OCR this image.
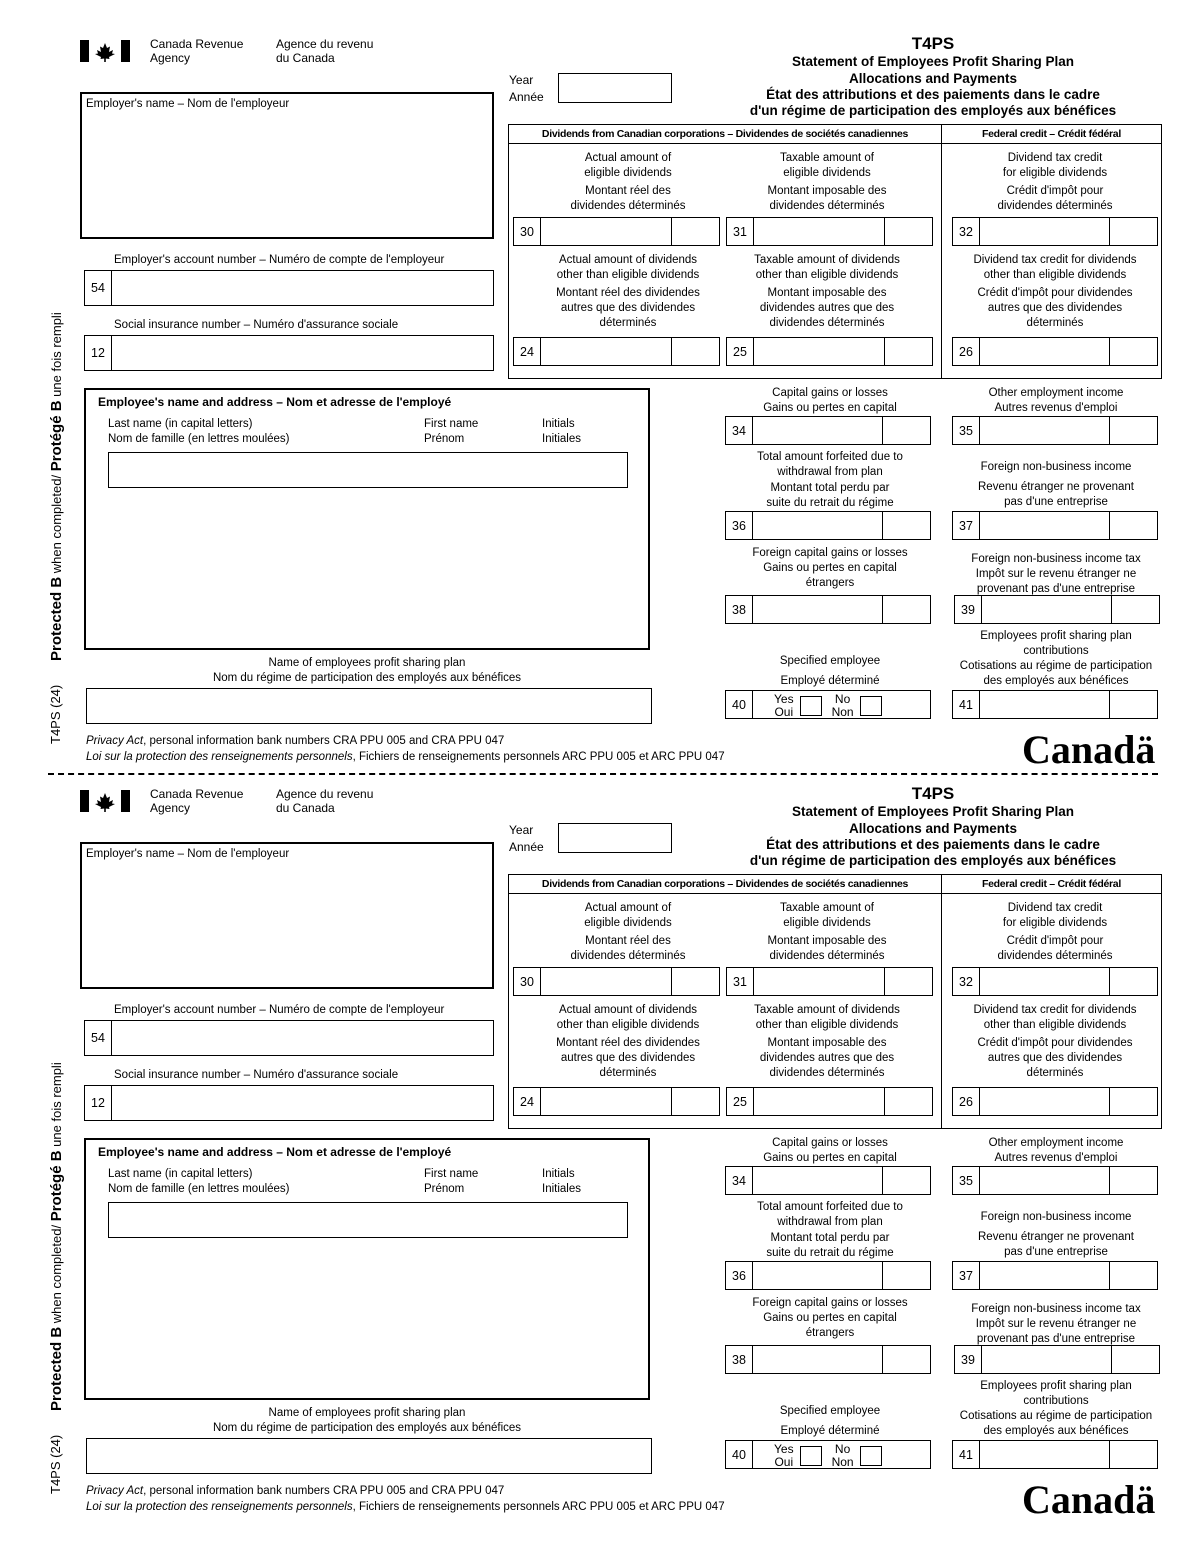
Canada Revenue
Agency
Agence du revenu
du Canada
T4PS
Statement of Employees Profit Sharing Plan
Allocations and Payments
État des attributions et des paiements dans le cadre
d'un régime de participation des employés aux bénéfices
Year
Année
Employer's name – Nom de l'employeur
Employer's account number – Numéro de compte de l'employeur
54
Social insurance number – Numéro d'assurance sociale
12
Dividends from Canadian corporations – Dividendes de sociétés canadiennes	Federal credit – Crédit fédéral
Actual amount of
eligible dividends
Montant réel des
dividendes déterminés
30
Taxable amount of
eligible dividends
Montant imposable des
dividendes déterminés
31
Dividend tax credit
for eligible dividends
Crédit d'impôt pour
dividendes déterminés
32
Actual amount of dividends
other than eligible dividends
Montant réel des dividendes
autres que des dividendes
déterminés
24
Taxable amount of dividends
other than eligible dividends
Montant imposable des
dividendes autres que des
dividendes déterminés
25
Dividend tax credit for dividends
other than eligible dividends
Crédit d'impôt pour dividendes
autres que des dividendes
déterminés
26
Employee's name and address – Nom et adresse de l'employé
Last name (in capital letters)
Nom de famille (en lettres moulées)
First name
Prénom
Initials
Initiales
Capital gains or losses
Gains ou pertes en capital
34
Other employment income
Autres revenus d'emploi
35
Total amount forfeited due to
withdrawal from plan
Montant total perdu par
suite du retrait du régime
36
Foreign non-business income
Revenu étranger ne provenant
pas d'une entreprise
37
Foreign capital gains or losses
Gains ou pertes en capital
étrangers
38
Foreign non-business income tax
Impôt sur le revenu étranger ne
provenant pas d'une entreprise
39
Name of employees profit sharing plan
Nom du régime de participation des employés aux bénéfices
Specified employee
Employé déterminé
40	Yes
Oui
No
Non
Employees profit sharing plan
contributions
Cotisations au régime de participation
des employés aux bénéfices
41
Protected B when completed/ Protégé B une fois rempli
T4PS (24) Privacy Act, personal information bank numbers CRA PPU 005 and CRA PPU 047
Loi sur la protection des renseignements personnels, Fichiers de renseignements personnels ARC PPU 005 et ARC PPU 047	Canadä
Canada Revenue
Agency
Agence du revenu
du Canada
T4PS
Statement of Employees Profit Sharing Plan
Allocations and Payments
État des attributions et des paiements dans le cadre
d'un régime de participation des employés aux bénéfices
Year
Année
Employer's name – Nom de l'employeur
Employer's account number – Numéro de compte de l'employeur
54
Social insurance number – Numéro d'assurance sociale
12
Dividends from Canadian corporations – Dividendes de sociétés canadiennes	Federal credit – Crédit fédéral
Actual amount of
eligible dividends
Montant réel des
dividendes déterminés
30
Taxable amount of
eligible dividends
Montant imposable des
dividendes déterminés
31
Dividend tax credit
for eligible dividends
Crédit d'impôt pour
dividendes déterminés
32
Actual amount of dividends
other than eligible dividends
Montant réel des dividendes
autres que des dividendes
déterminés
24
Taxable amount of dividends
other than eligible dividends
Montant imposable des
dividendes autres que des
dividendes déterminés
25
Dividend tax credit for dividends
other than eligible dividends
Crédit d'impôt pour dividendes
autres que des dividendes
déterminés
26
Employee's name and address – Nom et adresse de l'employé
Last name (in capital letters)
Nom de famille (en lettres moulées)
First name
Prénom
Initials
Initiales
Capital gains or losses
Gains ou pertes en capital
34
Other employment income
Autres revenus d'emploi
35
Total amount forfeited due to
withdrawal from plan
Montant total perdu par
suite du retrait du régime
36
Foreign non-business income
Revenu étranger ne provenant
pas d'une entreprise
37
Foreign capital gains or losses
Gains ou pertes en capital
étrangers
38
Foreign non-business income tax
Impôt sur le revenu étranger ne
provenant pas d'une entreprise
39
Name of employees profit sharing plan
Nom du régime de participation des employés aux bénéfices
Specified employee
Employé déterminé
40	Yes
Oui
No
Non
Employees profit sharing plan
contributions
Cotisations au régime de participation
des employés aux bénéfices
41
Protected B when completed/ Protégé B une fois rempli
T4PS (24) Privacy Act, personal information bank numbers CRA PPU 005 and CRA PPU 047
Loi sur la protection des renseignements personnels, Fichiers de renseignements personnels ARC PPU 005 et ARC PPU 047	Canadä
